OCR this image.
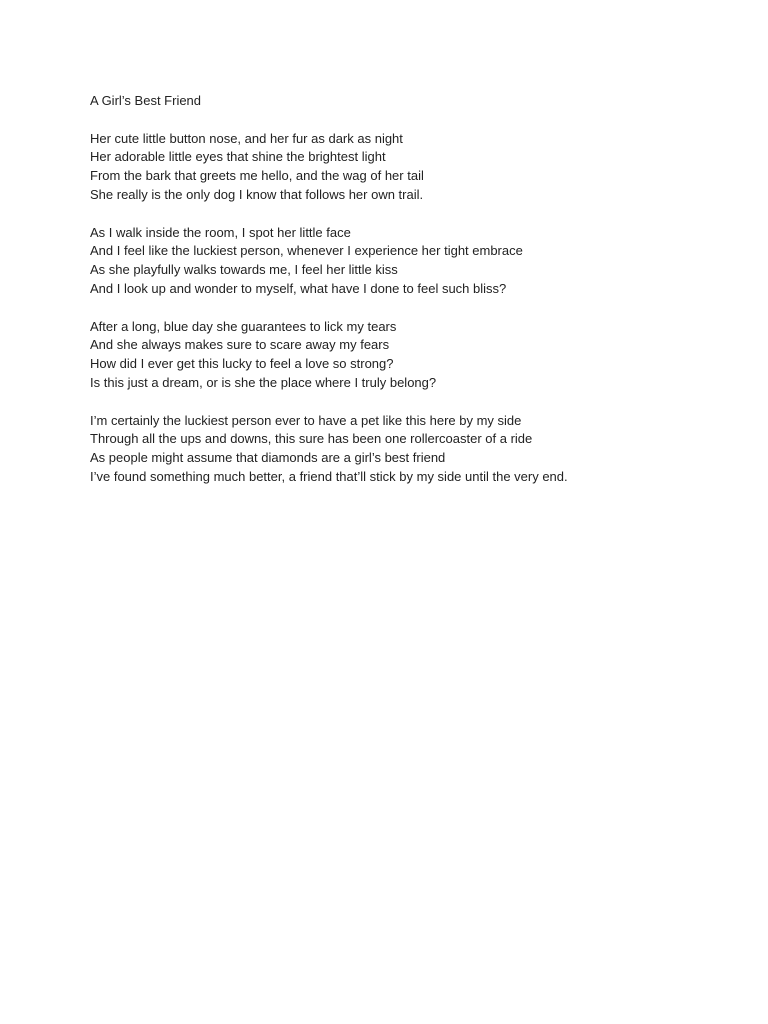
A Girl’s Best Friend
Her cute little button nose, and her fur as dark as night
Her adorable little eyes that shine the brightest light
From the bark that greets me hello, and the wag of her tail
She really is the only dog I know that follows her own trail.
As I walk inside the room, I spot her little face
And I feel like the luckiest person, whenever I experience her tight embrace
As she playfully walks towards me, I feel her little kiss
And I look up and wonder to myself, what have I done to feel such bliss?
After a long, blue day she guarantees to lick my tears
And she always makes sure to scare away my fears
How did I ever get this lucky to feel a love so strong?
Is this just a dream, or is she the place where I truly belong?
I’m certainly the luckiest person ever to have a pet like this here by my side
Through all the ups and downs, this sure has been one rollercoaster of a ride
As people might assume that diamonds are a girl’s best friend
I’ve found something much better, a friend that’ll stick by my side until the very end.
